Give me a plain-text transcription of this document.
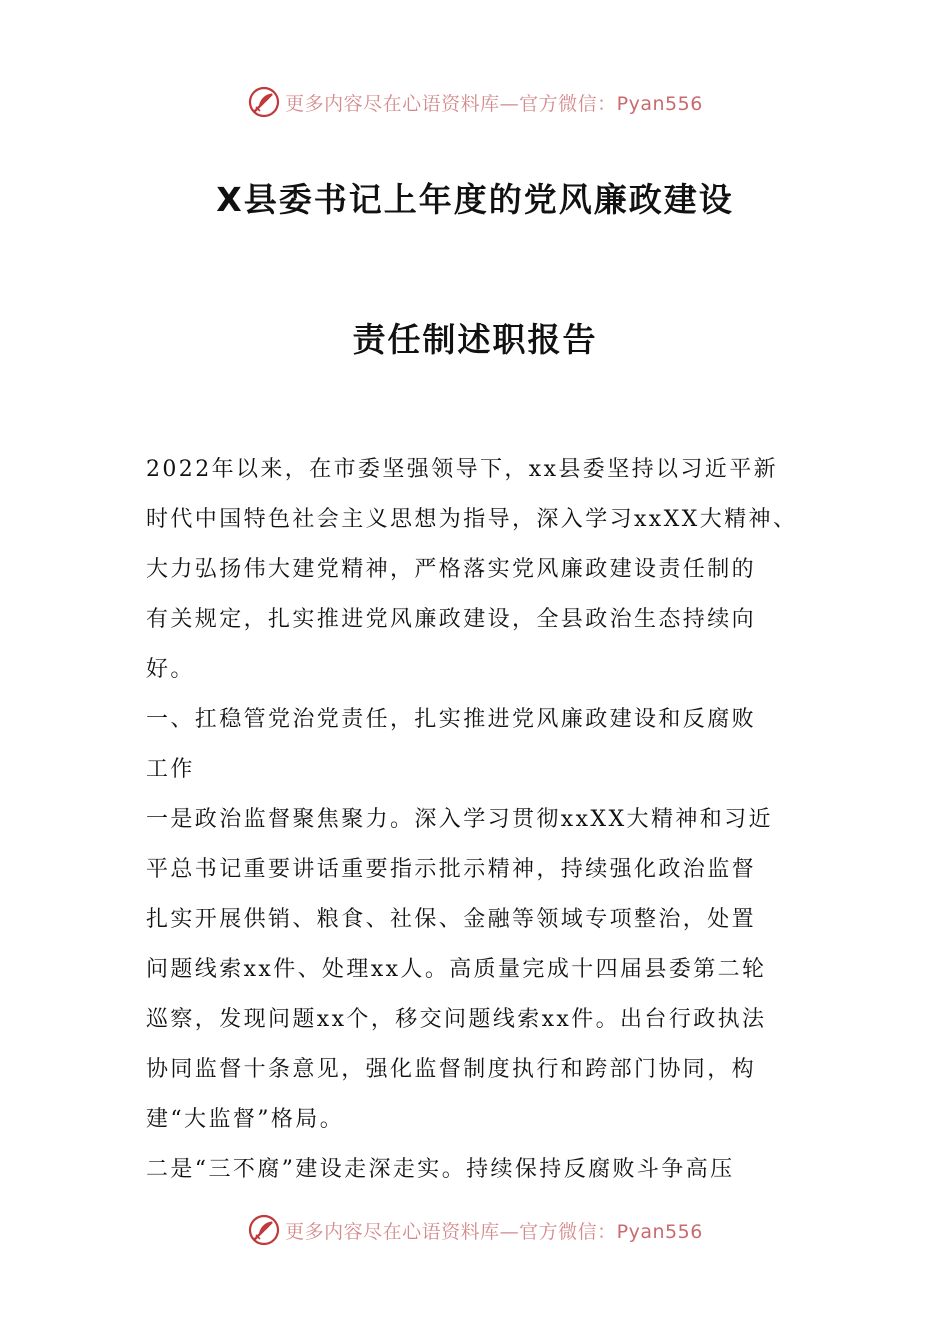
更多内容尽在心语资料库—官方微信：Pyan556
X县委书记上年度的党风廉政建设
责任制述职报告

2022年以来，在市委坚强领导下，xx县委坚持以习近平新
时代中国特色社会主义思想为指导，深入学习xxXX大精神、
大力弘扬伟大建党精神，严格落实党风廉政建设责任制的
有关规定，扎实推进党风廉政建设，全县政治生态持续向
好。

一、扛稳管党治党责任，扎实推进党风廉政建设和反腐败
工作

一是政治监督聚焦聚力。深入学习贯彻xxXX大精神和习近
平总书记重要讲话重要指示批示精神，持续强化政治监督
扎实开展供销、粮食、社保、金融等领域专项整治，处置
问题线索xx件、处理xx人。高质量完成十四届县委第二轮
巡察，发现问题xx个，移交问题线索xx件。出台行政执法
协同监督十条意见，强化监督制度执行和跨部门协同，构
建“大监督”格局。

二是“三不腐”建设走深走实。持续保持反腐败斗争高压

更多内容尽在心语资料库—官方微信：Pyan556
